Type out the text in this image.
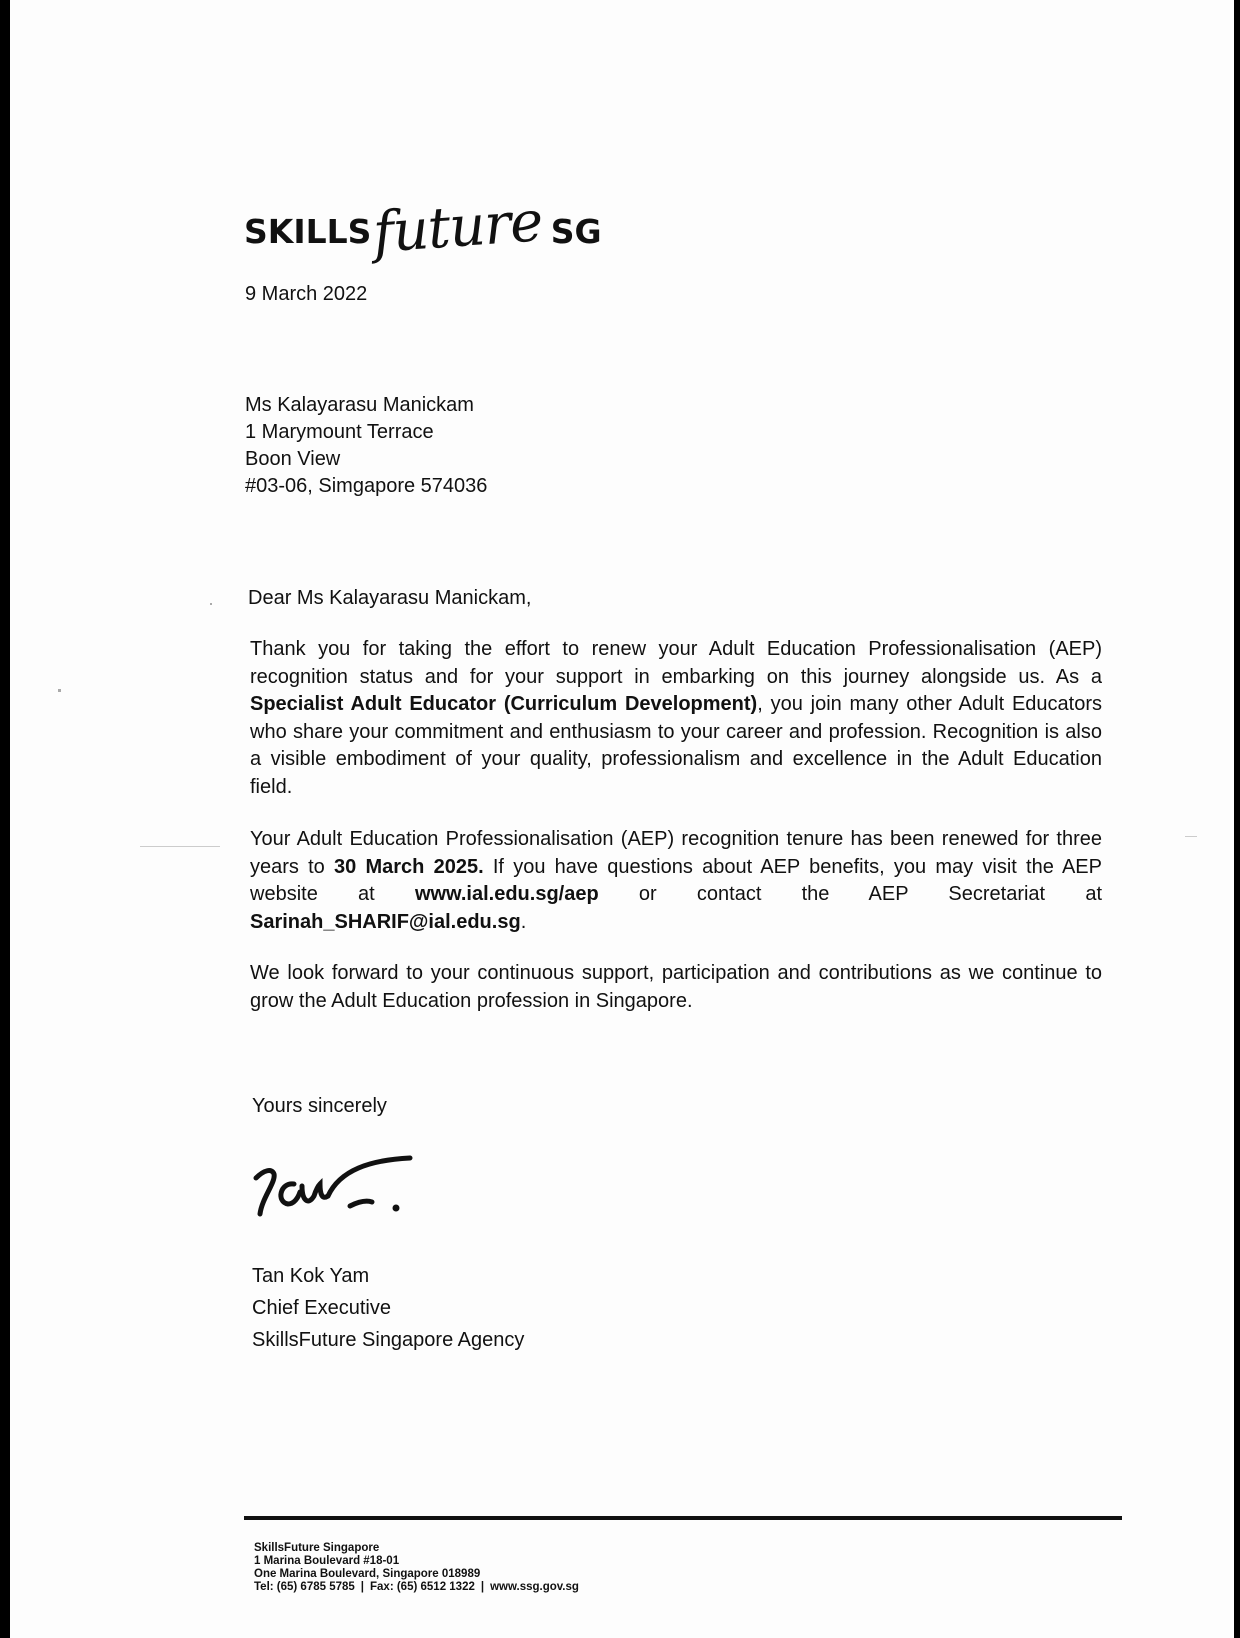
SKILLS future SG
9 March 2022
Ms Kalayarasu Manickam
1 Marymount Terrace
Boon View
#03-06, Simgapore 574036
Dear Ms Kalayarasu Manickam,
Thank you for taking the effort to renew your Adult Education Professionalisation (AEP) recognition status and for your support in embarking on this journey alongside us. As a Specialist Adult Educator (Curriculum Development), you join many other Adult Educators who share your commitment and enthusiasm to your career and profession. Recognition is also a visible embodiment of your quality, professionalism and excellence in the Adult Education field.
Your Adult Education Professionalisation (AEP) recognition tenure has been renewed for three years to 30 March 2025. If you have questions about AEP benefits, you may visit the AEP website at www.ial.edu.sg/aep or contact the AEP Secretariat at Sarinah_SHARIF@ial.edu.sg.
We look forward to your continuous support, participation and contributions as we continue to grow the Adult Education profession in Singapore.
Yours sincerely
Tan Kok Yam
Chief Executive
SkillsFuture Singapore Agency
SkillsFuture Singapore
1 Marina Boulevard #18-01
One Marina Boulevard, Singapore 018989
Tel: (65) 6785 5785 | Fax: (65) 6512 1322 | www.ssg.gov.sg
